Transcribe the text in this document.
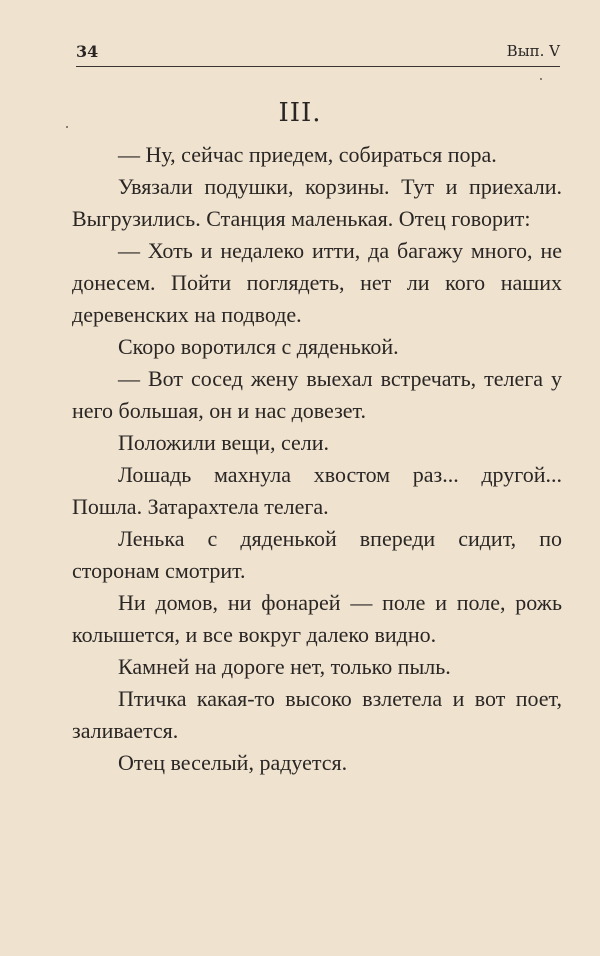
34	Вып. V
III.

— Ну, сейчас приедем, собираться пора.

Увязали подушки, корзины. Тут и приехали. Выгрузились. Станция маленькая. Отец говорит:

— Хоть и недалеко итти, да багажу много, не донесем. Пойти поглядеть, нет ли кого наших деревенских на подводе.

Скоро воротился с дяденькой.

— Вот сосед жену выехал встречать, телега у него большая, он и нас довезет.

Положили вещи, сели.

Лошадь махнула хвостом раз... другой... Пошла. Затарахтела телега.

Ленька с дяденькой впереди сидит, по сторонам смотрит.

Ни домов, ни фонарей — поле и поле, рожь колышется, и все вокруг далеко видно.

Камней на дороге нет, только пыль.

Птичка какая-то высоко взлетела и вот поет, заливается.

Отец веселый, радуется.
